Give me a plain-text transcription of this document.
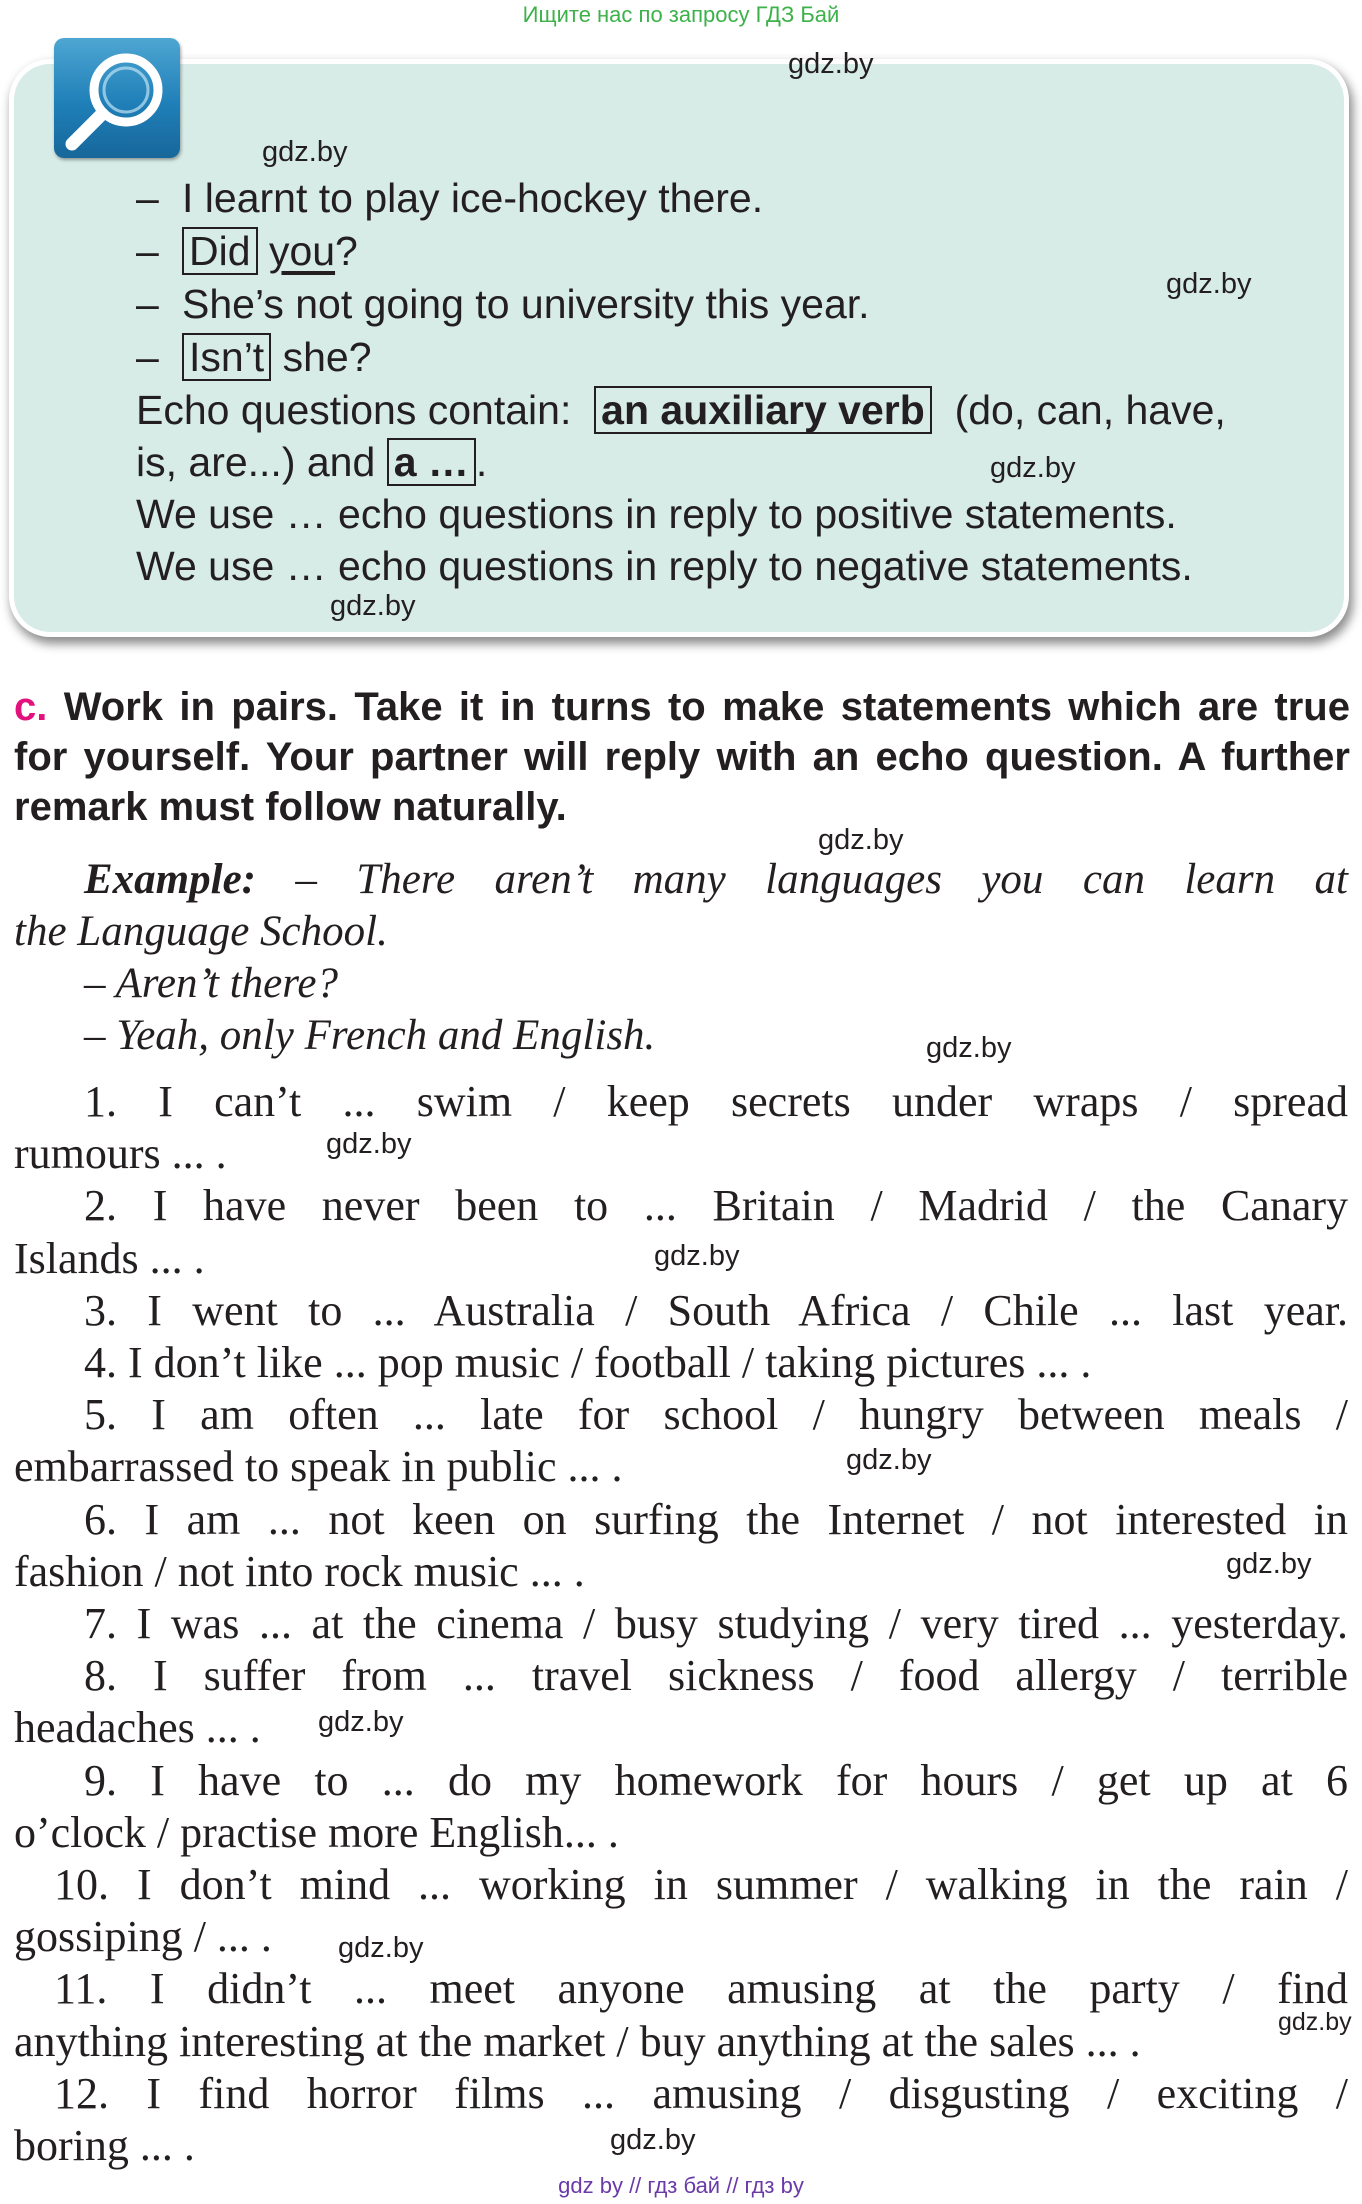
Ищите нас по запросу ГДЗ Бай
– I learnt to play ice-hockey there.
– Did you?
– She’s not going to university this year.
– Isn’t she?
Echo questions contain: an auxiliary verb (do, can, have,
is, are...) and a … .
We use … echo questions in reply to positive statements.
We use … echo questions in reply to negative statements.
c. Work in pairs. Take it in turns to make statements which are true
for yourself. Your partner will reply with an echo question. A further
remark must follow naturally.
Example: – There aren’t many languages you can learn at
the Language School.
– Aren’t there?
– Yeah, only French and English.
1. I can’t ... swim / keep secrets under wraps / spread
rumours ... .
2. I have never been to ... Britain / Madrid / the Canary
Islands ... .
3. I went to ... Australia / South Africa / Chile ... last year.
4. I don’t like ... pop music / football / taking pictures ... .
5. I am often ... late for school / hungry between meals /
embarrassed to speak in public ... .
6. I am ... not keen on surfing the Internet / not interested in
fashion / not into rock music ... .
7. I was ... at the cinema / busy studying / very tired ... yesterday.
8. I suffer from ... travel sickness / food allergy / terrible
headaches ... .
9. I have to ... do my homework for hours / get up at 6
o’clock / practise more English... .
10. I don’t mind ... working in summer / walking in the rain /
gossiping / ... .
11. I didn’t ... meet anyone amusing at the party / find
anything interesting at the market / buy anything at the sales ... .
12. I find horror films ... amusing / disgusting / exciting /
boring ... .
gdz.by
gdz.by
gdz.by
gdz.by
gdz.by
gdz.by
gdz.by
gdz.by
gdz.by
gdz.by
gdz.by
gdz.by
gdz.by
gdz.by
gdz.by
gdz by // гдз бай // гдз by
